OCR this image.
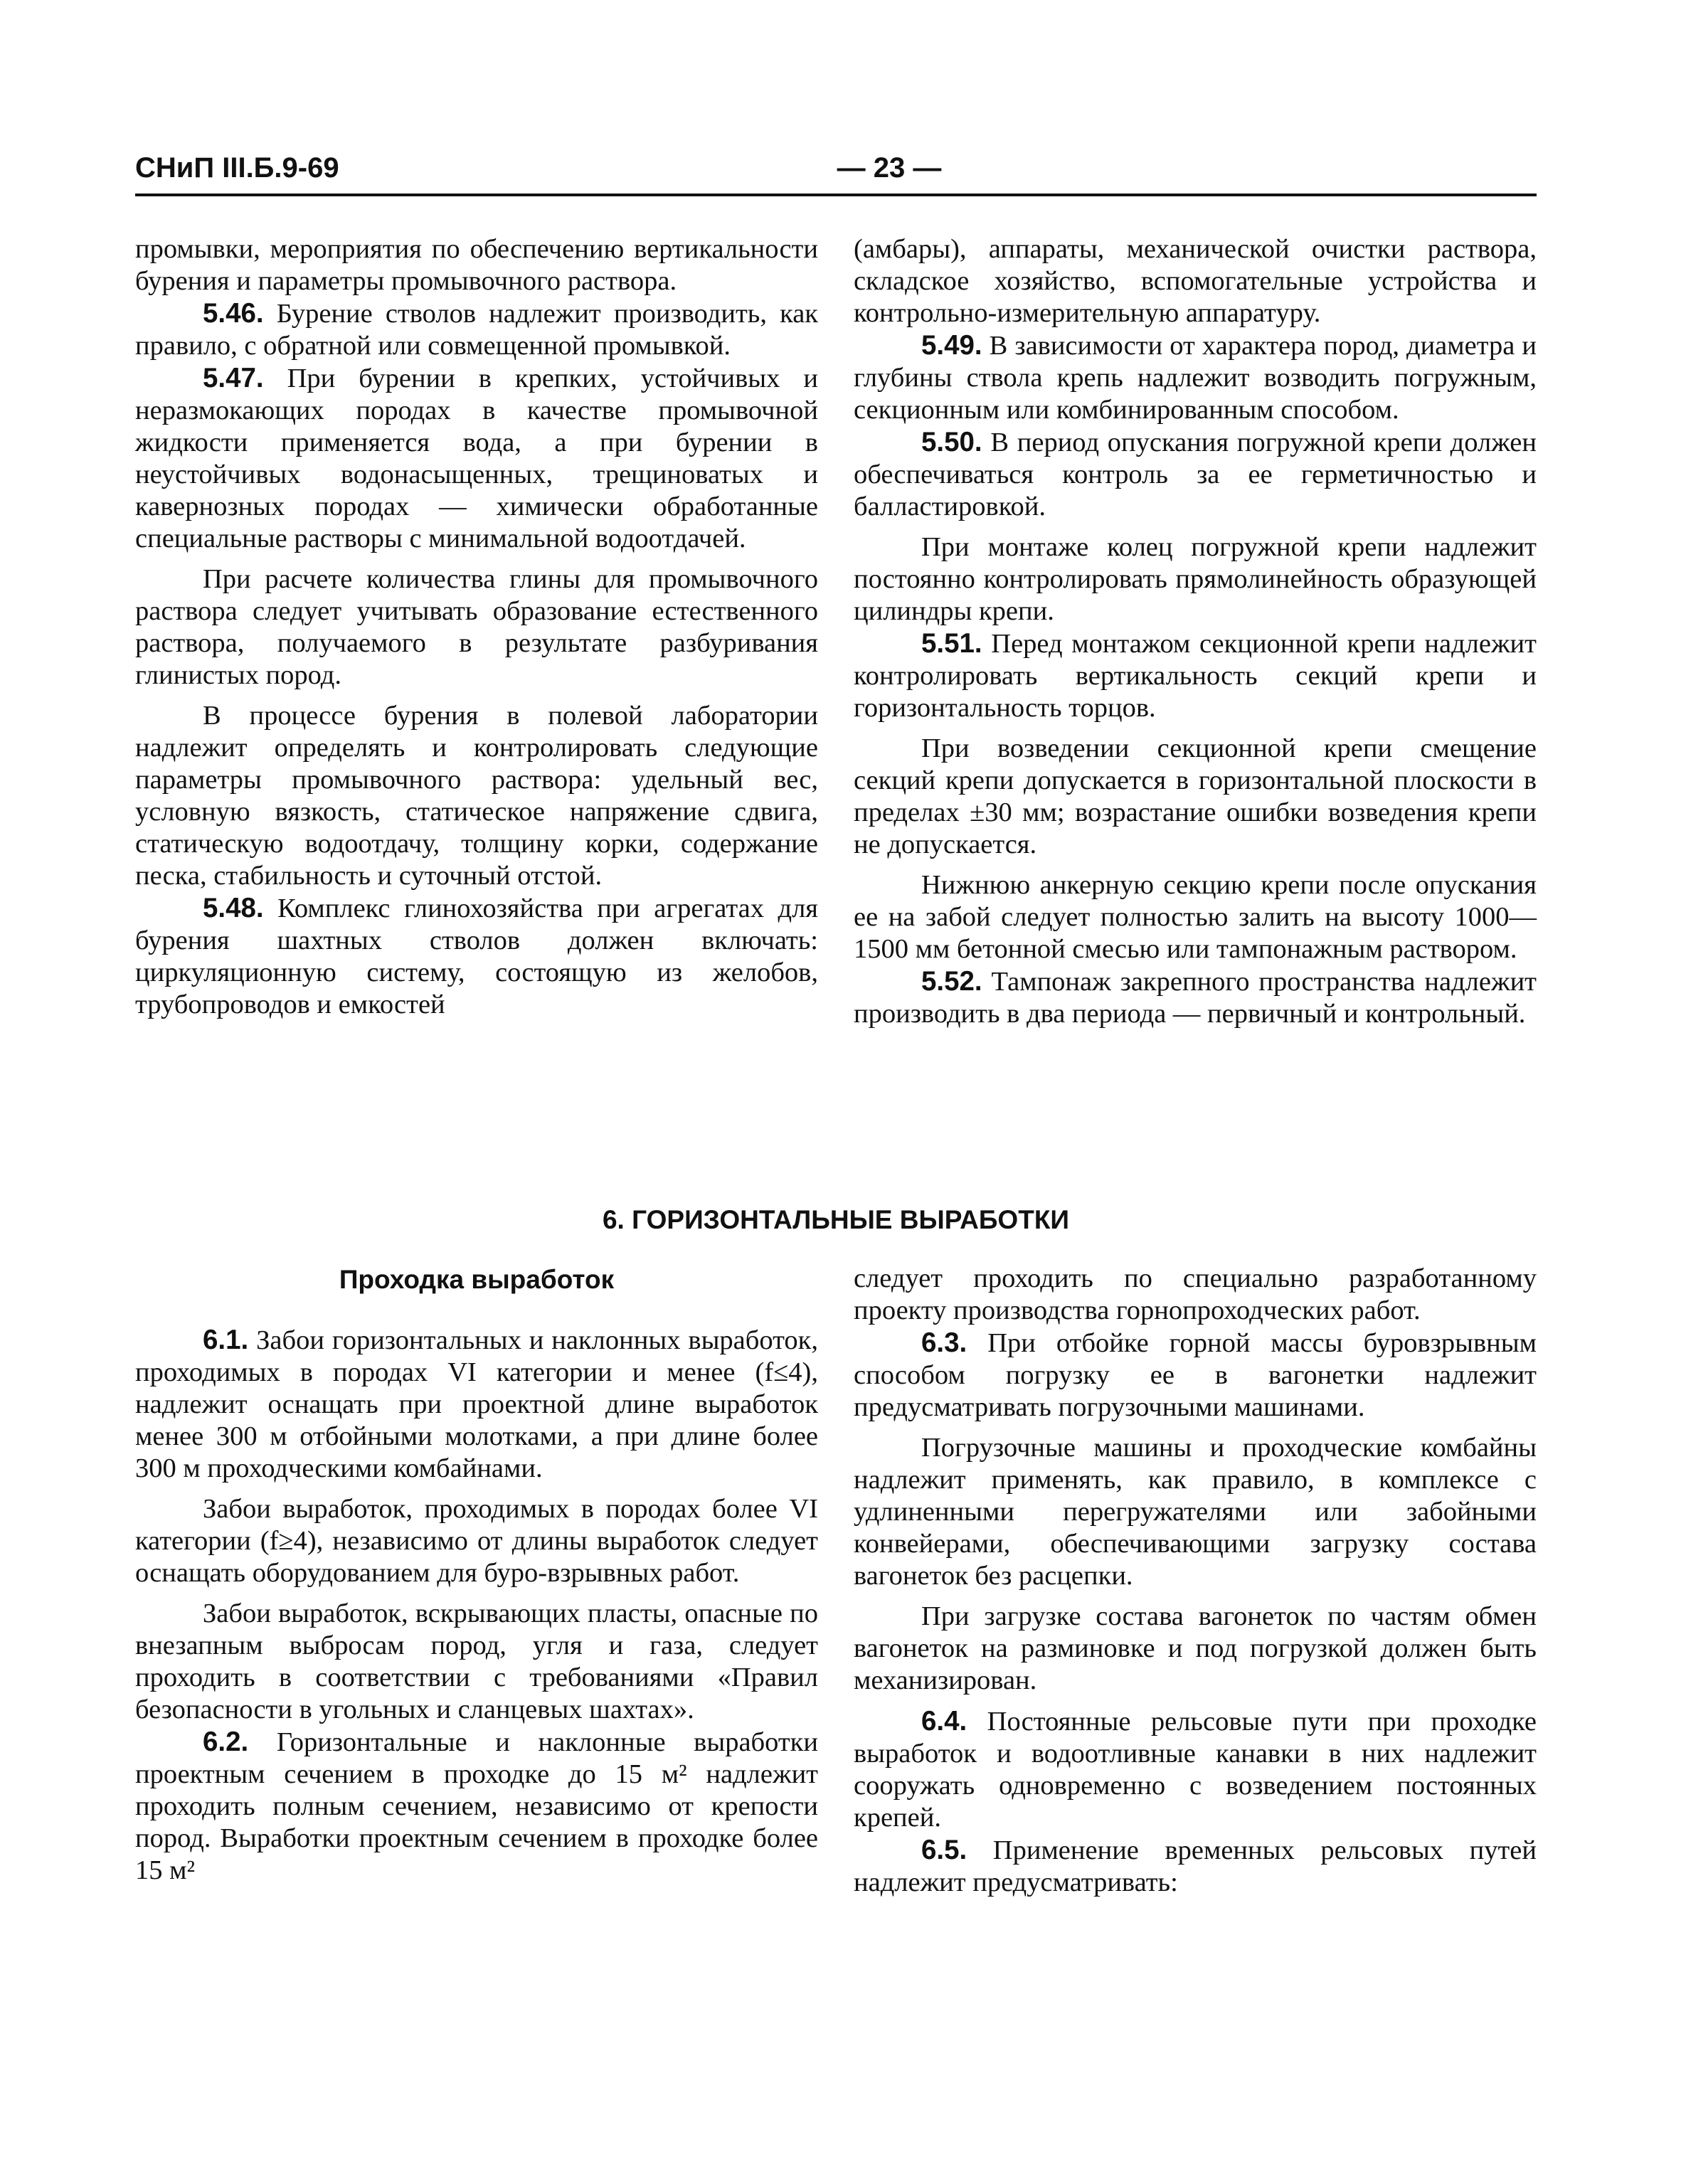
СНиП III.Б.9-69	— 23 —

промывки, мероприятия по обеспечению вертикальности бурения и параметры промывочного раствора.

5.46. Бурение стволов надлежит производить, как правило, с обратной или совмещенной промывкой.

5.47. При бурении в крепких, устойчивых и неразмокающих породах в качестве промывочной жидкости применяется вода, а при бурении в неустойчивых водонасыщенных, трещиноватых и кавернозных породах — химически обработанные специальные растворы с минимальной водоотдачей.

При расчете количества глины для промывочного раствора следует учитывать образование естественного раствора, получаемого в результате разбуривания глинистых пород.

В процессе бурения в полевой лаборатории надлежит определять и контролировать следующие параметры промывочного раствора: удельный вес, условную вязкость, статическое напряжение сдвига, статическую водоотдачу, толщину корки, содержание песка, стабильность и суточный отстой.

5.48. Комплекс глинохозяйства при агрегатах для бурения шахтных стволов должен включать: циркуляционную систему, состоящую из желобов, трубопроводов и емкостей

(амбары), аппараты, механической очистки раствора, складское хозяйство, вспомогательные устройства и контрольно-измерительную аппаратуру.

5.49. В зависимости от характера пород, диаметра и глубины ствола крепь надлежит возводить погружным, секционным или комбинированным способом.

5.50. В период опускания погружной крепи должен обеспечиваться контроль за ее герметичностью и балластировкой.

При монтаже колец погружной крепи надлежит постоянно контролировать прямолинейность образующей цилиндры крепи.

5.51. Перед монтажом секционной крепи надлежит контролировать вертикальность секций крепи и горизонтальность торцов.

При возведении секционной крепи смещение секций крепи допускается в горизонтальной плоскости в пределах ±30 мм; возрастание ошибки возведения крепи не допускается.

Нижнюю анкерную секцию крепи после опускания ее на забой следует полностью залить на высоту 1000—1500 мм бетонной смесью или тампонажным раствором.

5.52. Тампонаж закрепного пространства надлежит производить в два периода — первичный и контрольный.

6. ГОРИЗОНТАЛЬНЫЕ ВЫРАБОТКИ
Проходка выработок

6.1. Забои горизонтальных и наклонных выработок, проходимых в породах VI категории и менее (f≤4), надлежит оснащать при проектной длине выработок менее 300 м отбойными молотками, а при длине более 300 м проходческими комбайнами.

Забои выработок, проходимых в породах более VI категории (f≥4), независимо от длины выработок следует оснащать оборудованием для буро-взрывных работ.

Забои выработок, вскрывающих пласты, опасные по внезапным выбросам пород, угля и газа, следует проходить в соответствии с требованиями «Правил безопасности в угольных и сланцевых шахтах».

6.2. Горизонтальные и наклонные выработки проектным сечением в проходке до 15 м² надлежит проходить полным сечением, независимо от крепости пород. Выработки проектным сечением в проходке более 15 м²

следует проходить по специально разработанному проекту производства горнопроходческих работ.

6.3. При отбойке горной массы буровзрывным способом погрузку ее в вагонетки надлежит предусматривать погрузочными машинами.

Погрузочные машины и проходческие комбайны надлежит применять, как правило, в комплексе с удлиненными перегружателями или забойными конвейерами, обеспечивающими загрузку состава вагонеток без расцепки.

При загрузке состава вагонеток по частям обмен вагонеток на разминовке и под погрузкой должен быть механизирован.

6.4. Постоянные рельсовые пути при проходке выработок и водоотливные канавки в них надлежит сооружать одновременно с возведением постоянных крепей.

6.5. Применение временных рельсовых путей надлежит предусматривать:
